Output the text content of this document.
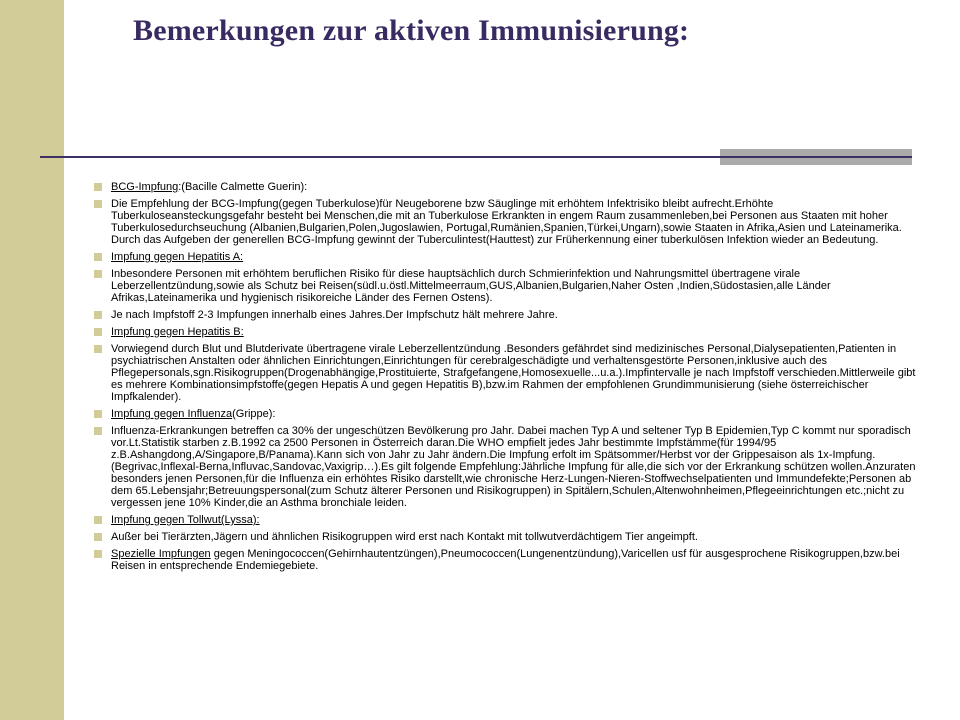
Bemerkungen zur aktiven Immunisierung:
BCG-Impfung:(Bacille Calmette Guerin):
Die Empfehlung der BCG-Impfung(gegen Tuberkulose)für Neugeborene bzw Säuglinge mit erhöhtem Infektrisiko bleibt aufrecht.Erhöhte Tuberkuloseansteckungsgefahr besteht bei Menschen,die mit an Tuberkulose Erkrankten in engem Raum zusammenleben,bei Personen aus Staaten mit hoher Tuberkulosedurchseuchung (Albanien,Bulgarien,Polen,Jugoslawien, Portugal,Rumänien,Spanien,Türkei,Ungarn),sowie Staaten in Afrika,Asien und Lateinamerika. Durch das Aufgeben der generellen BCG-Impfung gewinnt der Tuberculintest(Hauttest) zur Früherkennung einer tuberkulösen Infektion wieder an Bedeutung.
Impfung gegen Hepatitis A:
Inbesondere Personen mit erhöhtem beruflichen Risiko für diese hauptsächlich durch Schmierinfektion und Nahrungsmittel übertragene virale Leberzellentzündung,sowie als Schutz bei Reisen(südl.u.östl.Mittelmeerraum,GUS,Albanien,Bulgarien,Naher Osten ,Indien,Südostasien,alle Länder Afrikas,Lateinamerika und hygienisch risikoreiche Länder des Fernen Ostens).
Je nach Impfstoff 2-3 Impfungen innerhalb eines Jahres.Der Impfschutz hält mehrere Jahre.
Impfung gegen Hepatitis B:
Vorwiegend durch Blut und Blutderivate übertragene virale Leberzellentzündung .Besonders gefährdet sind medizinisches Personal,Dialysepatienten,Patienten in psychiatrischen Anstalten oder ähnlichen Einrichtungen,Einrichtungen für cerebralgeschädigte und verhaltensgestörte Personen,inklusive auch des Pflegepersonals,sgn.Risikogruppen(Drogenabhängige,Prostituierte, Strafgefangene,Homosexuelle...u.a.).Impfintervalle je nach Impfstoff verschieden.Mittlerweile gibt es mehrere Kombinationsimpfstoffe(gegen Hepatis A und gegen Hepatitis B),bzw.im Rahmen der empfohlenen Grundimmunisierung (siehe österreichischer Impfkalender).
Impfung gegen Influenza(Grippe):
Influenza-Erkrankungen betreffen ca 30% der ungeschützen Bevölkerung pro Jahr. Dabei machen Typ A und seltener Typ B Epidemien,Typ C kommt nur sporadisch vor.Lt.Statistik starben z.B.1992 ca 2500 Personen in Österreich daran.Die WHO empfielt jedes Jahr bestimmte Impfstämme(für 1994/95 z.B.Ashangdong,A/Singapore,B/Panama).Kann sich von Jahr zu Jahr ändern.Die Impfung erfolt im Spätsommer/Herbst vor der Grippesaison als 1x-Impfung.(Begrivac,Inflexal-Berna,Influvac,Sandovac,Vaxigrip…).Es gilt folgende Empfehlung:Jährliche Impfung für alle,die sich vor der Erkrankung schützen wollen.Anzuraten besonders jenen Personen,für die Influenza ein erhöhtes Risiko darstellt,wie chronische Herz-Lungen-Nieren-Stoffwechselpatienten und Immundefekte;Personen ab dem 65.Lebensjahr;Betreuungspersonal(zum Schutz älterer Personen und Risikogruppen) in Spitälern,Schulen,Altenwohnheimen,Pflegeeinrichtungen etc.;nicht zu vergessen jene 10% Kinder,die an Asthma bronchiale leiden.
Impfung gegen Tollwut(Lyssa):
Außer bei Tierärzten,Jägern und ähnlichen Risikogruppen wird erst nach Kontakt mit tollwutverdächtigem Tier angeimpft.
Spezielle Impfungen gegen Meningococcen(Gehirnhautentzüngen),Pneumococcen(Lungenentzündung),Varicellen usf für ausgesprochene Risikogruppen,bzw.bei Reisen in entsprechende Endemiegebiete.
